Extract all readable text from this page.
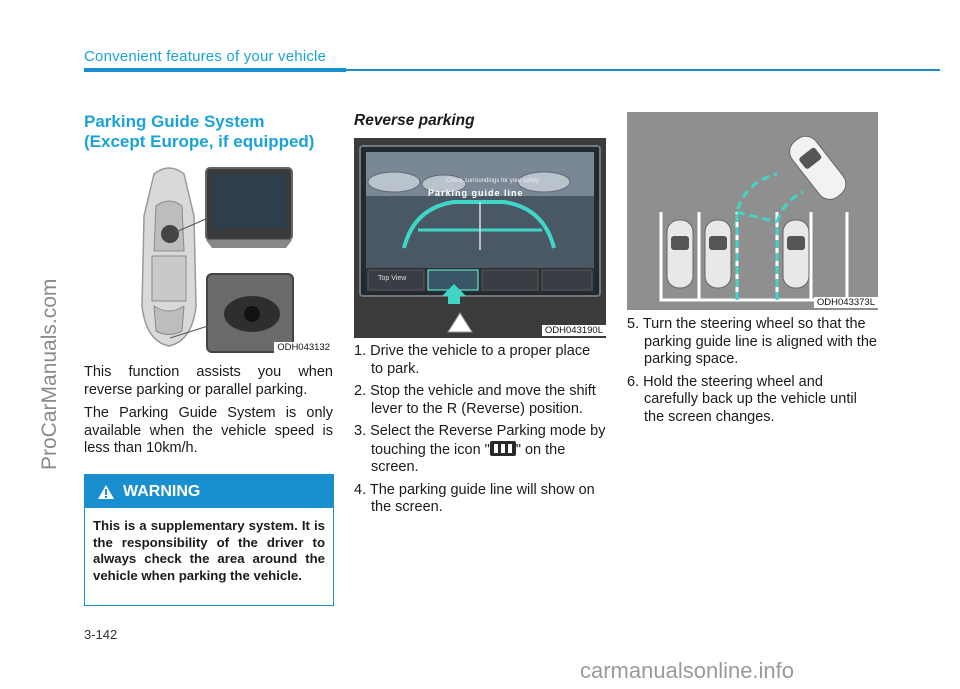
Convenient features of your vehicle
ProCarManuals.com
Parking Guide System
(Except Europe, if equipped)
ODH043132

This function assists you when reverse parking or parallel parking.

The Parking Guide System is only available when the vehicle speed is less than 10km/h.

WARNING
This is a supplementary system. It is the responsibility of the driver to always check the area around the vehicle when parking the vehicle.
Reverse parking
Parking guide line
Check surroundings for your safety
Top View
ODH043190L
1. Drive the vehicle to a proper place to park.
2. Stop the vehicle and move the shift lever to the R (Reverse) position.
3. Select the Reverse Parking mode by touching the icon " " on the screen.
4. The parking guide line will show on the screen.
ODH043373L
5. Turn the steering wheel so that the parking guide line is aligned with the parking space.
6. Hold the steering wheel and carefully back up the vehicle until the screen changes.
3-142
carmanualsonline.info
